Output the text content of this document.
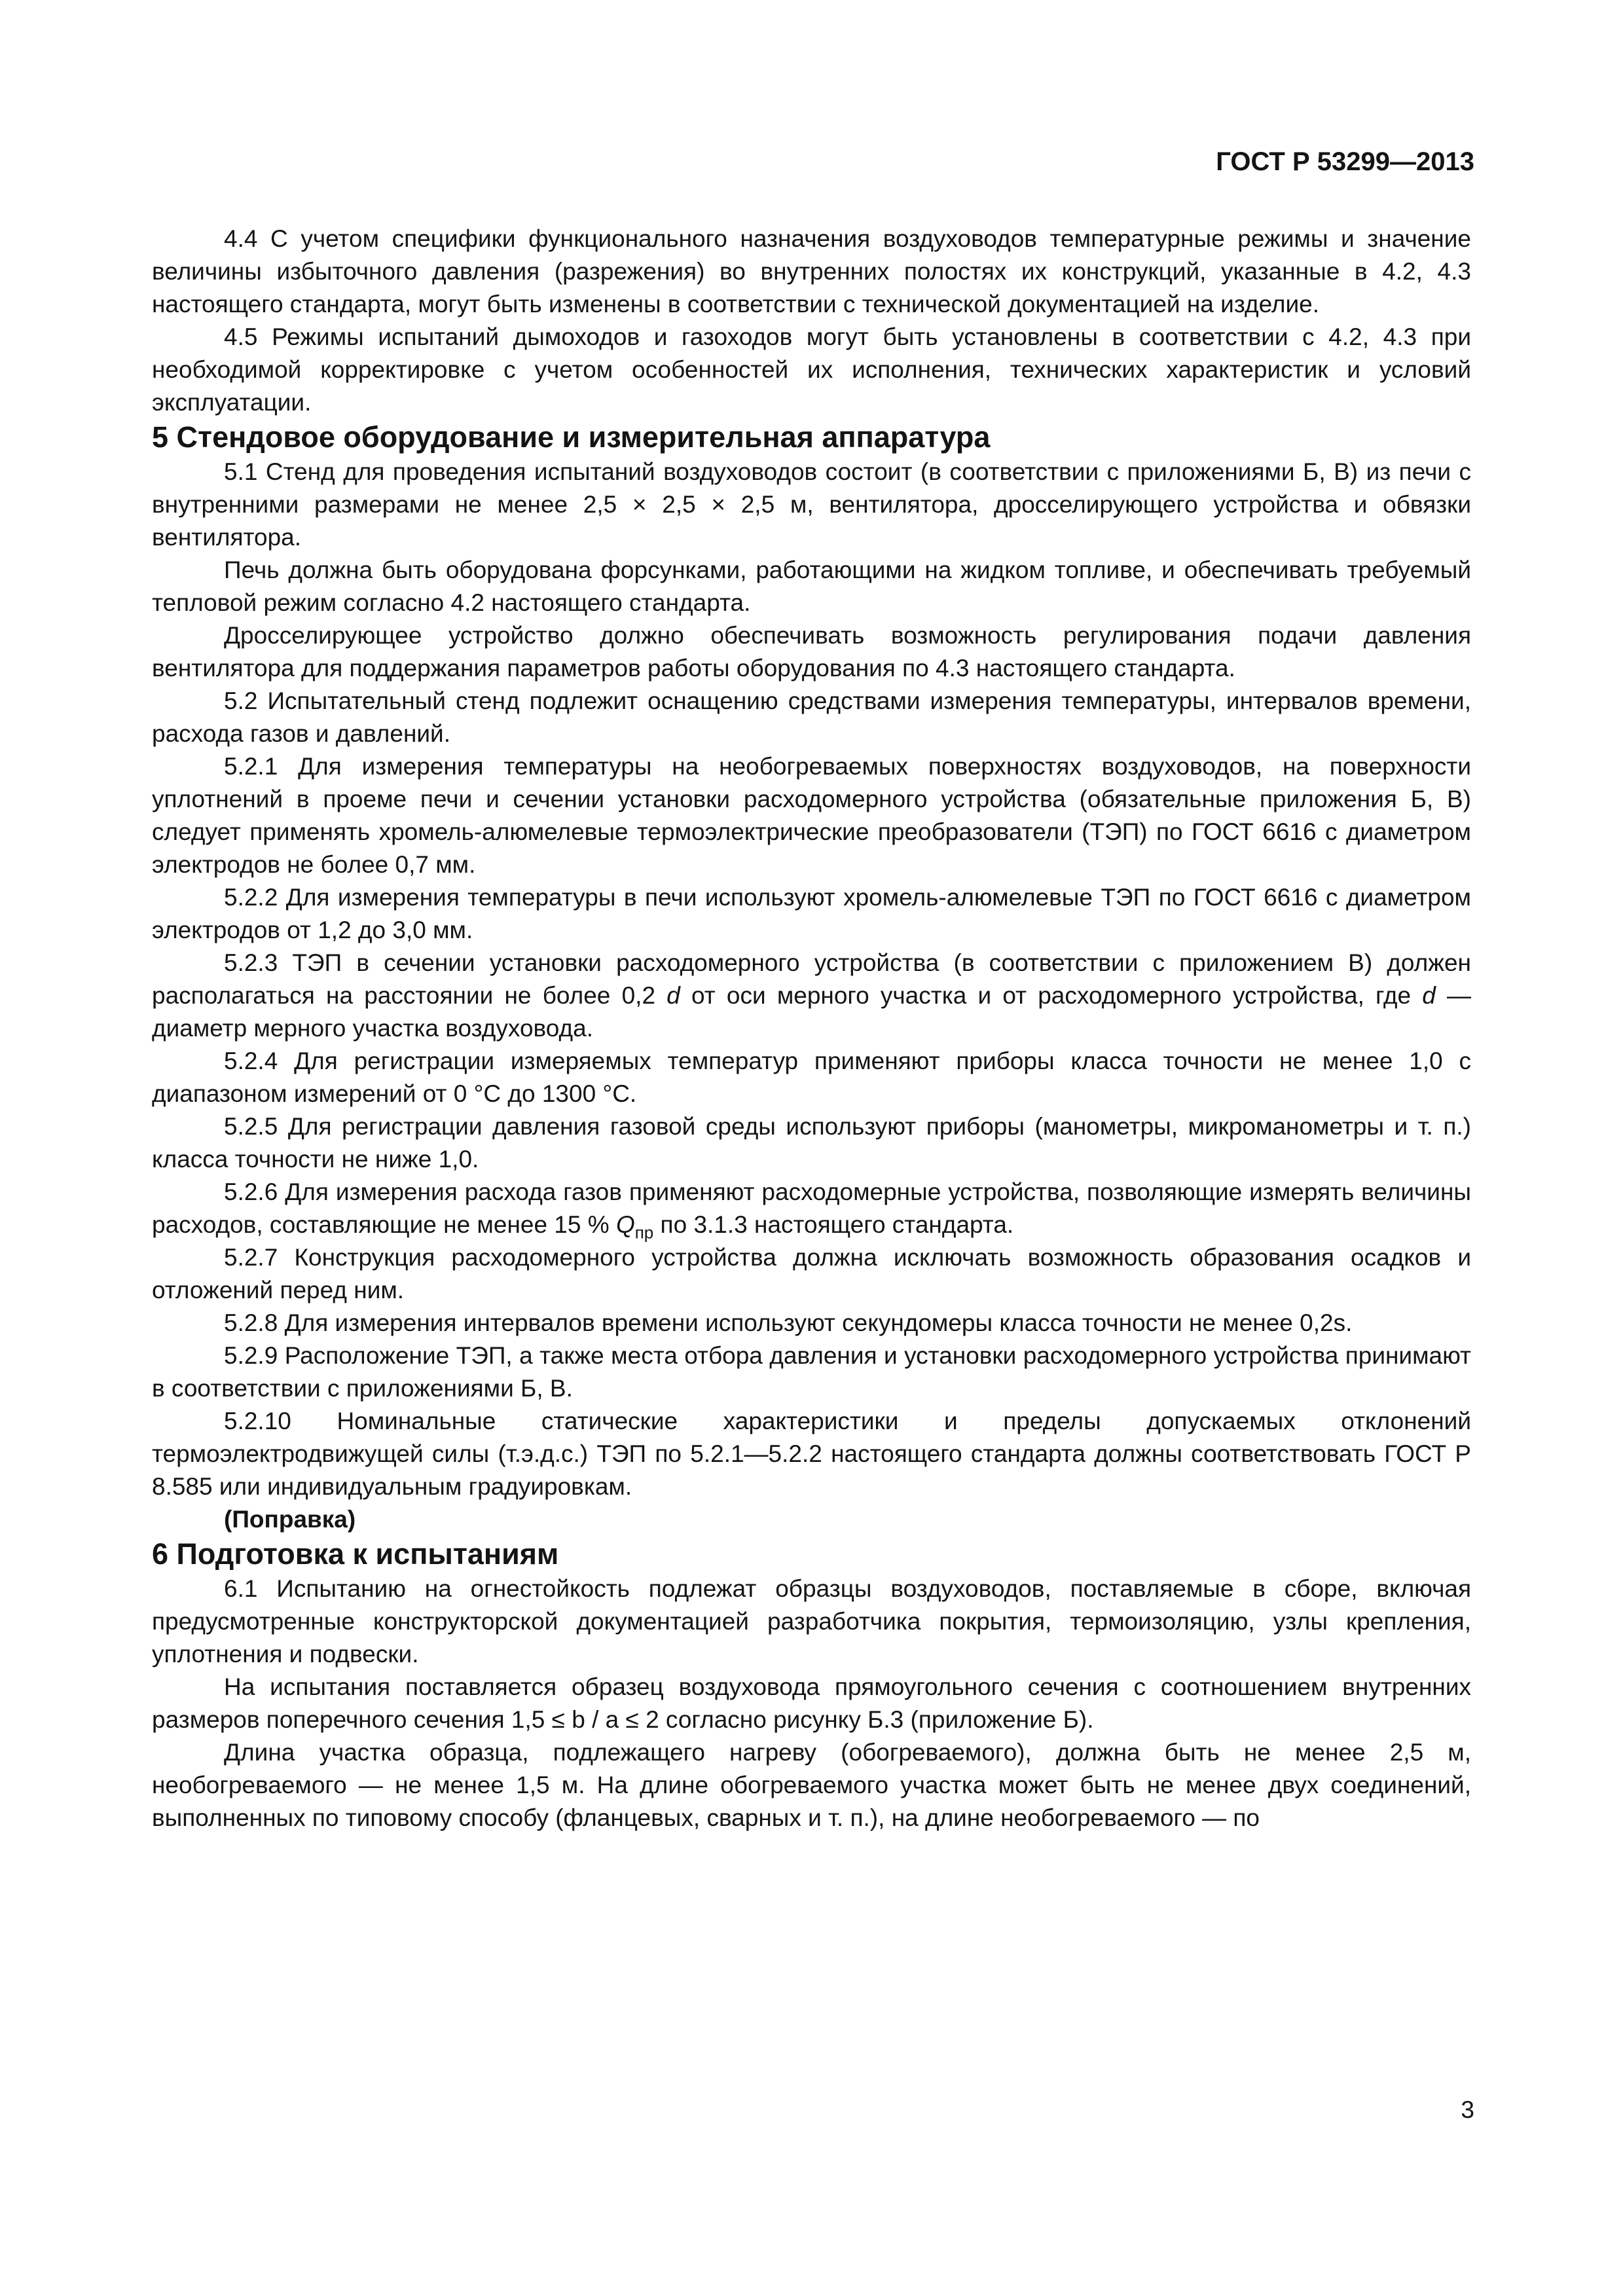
ГОСТ Р 53299—2013

4.4 С учетом специфики функционального назначения воздуховодов температурные режимы и значение величины избыточного давления (разрежения) во внутренних полостях их конструкций, указанные в 4.2, 4.3 настоящего стандарта, могут быть изменены в соответствии с технической документацией на изделие.

4.5 Режимы испытаний дымоходов и газоходов могут быть установлены в соответствии с 4.2, 4.3 при необходимой корректировке с учетом особенностей их исполнения, технических характеристик и условий эксплуатации.

5 Стендовое оборудование и измерительная аппаратура

5.1 Стенд для проведения испытаний воздуховодов состоит (в соответствии с приложениями Б, В) из печи с внутренними размерами не менее 2,5 × 2,5 × 2,5 м, вентилятора, дросселирующего устройства и обвязки вентилятора.

Печь должна быть оборудована форсунками, работающими на жидком топливе, и обеспечивать требуемый тепловой режим согласно 4.2 настоящего стандарта.

Дросселирующее устройство должно обеспечивать возможность регулирования подачи давления вентилятора для поддержания параметров работы оборудования по 4.3 настоящего стандарта.

5.2 Испытательный стенд подлежит оснащению средствами измерения температуры, интервалов времени, расхода газов и давлений.

5.2.1 Для измерения температуры на необогреваемых поверхностях воздуховодов, на поверхности уплотнений в проеме печи и сечении установки расходомерного устройства (обязательные приложения Б, В) следует применять хромель-алюмелевые термоэлектрические преобразователи (ТЭП) по ГОСТ 6616 с диаметром электродов не более 0,7 мм.

5.2.2 Для измерения температуры в печи используют хромель-алюмелевые ТЭП по ГОСТ 6616 с диаметром электродов от 1,2 до 3,0 мм.

5.2.3 ТЭП в сечении установки расходомерного устройства (в соответствии с приложением В) должен располагаться на расстоянии не более 0,2 d от оси мерного участка и от расходомерного устройства, где d — диаметр мерного участка воздуховода.

5.2.4 Для регистрации измеряемых температур применяют приборы класса точности не менее 1,0 с диапазоном измерений от 0 °С до 1300 °С.

5.2.5 Для регистрации давления газовой среды используют приборы (манометры, микроманометры и т. п.) класса точности не ниже 1,0.

5.2.6 Для измерения расхода газов применяют расходомерные устройства, позволяющие измерять величины расходов, составляющие не менее 15 % $Q_{пр}$ по 3.1.3 настоящего стандарта.

5.2.7 Конструкция расходомерного устройства должна исключать возможность образования осадков и отложений перед ним.

5.2.8 Для измерения интервалов времени используют секундомеры класса точности не менее 0,2s.

5.2.9 Расположение ТЭП, а также места отбора давления и установки расходомерного устройства принимают в соответствии с приложениями Б, В.

5.2.10 Номинальные статические характеристики и пределы допускаемых отклонений термоэлектродвижущей силы (т.э.д.с.) ТЭП по 5.2.1—5.2.2 настоящего стандарта должны соответствовать ГОСТ Р 8.585 или индивидуальным градуировкам.

(Поправка)

6 Подготовка к испытаниям

6.1 Испытанию на огнестойкость подлежат образцы воздуховодов, поставляемые в сборе, включая предусмотренные конструкторской документацией разработчика покрытия, термоизоляцию, узлы крепления, уплотнения и подвески.

На испытания поставляется образец воздуховода прямоугольного сечения с соотношением внутренних размеров поперечного сечения 1,5 ≤ b / a ≤ 2 согласно рисунку Б.3 (приложение Б).

Длина участка образца, подлежащего нагреву (обогреваемого), должна быть не менее 2,5 м, необогреваемого — не менее 1,5 м. На длине обогреваемого участка может быть не менее двух соединений, выполненных по типовому способу (фланцевых, сварных и т. п.), на длине необогреваемого — по

3
